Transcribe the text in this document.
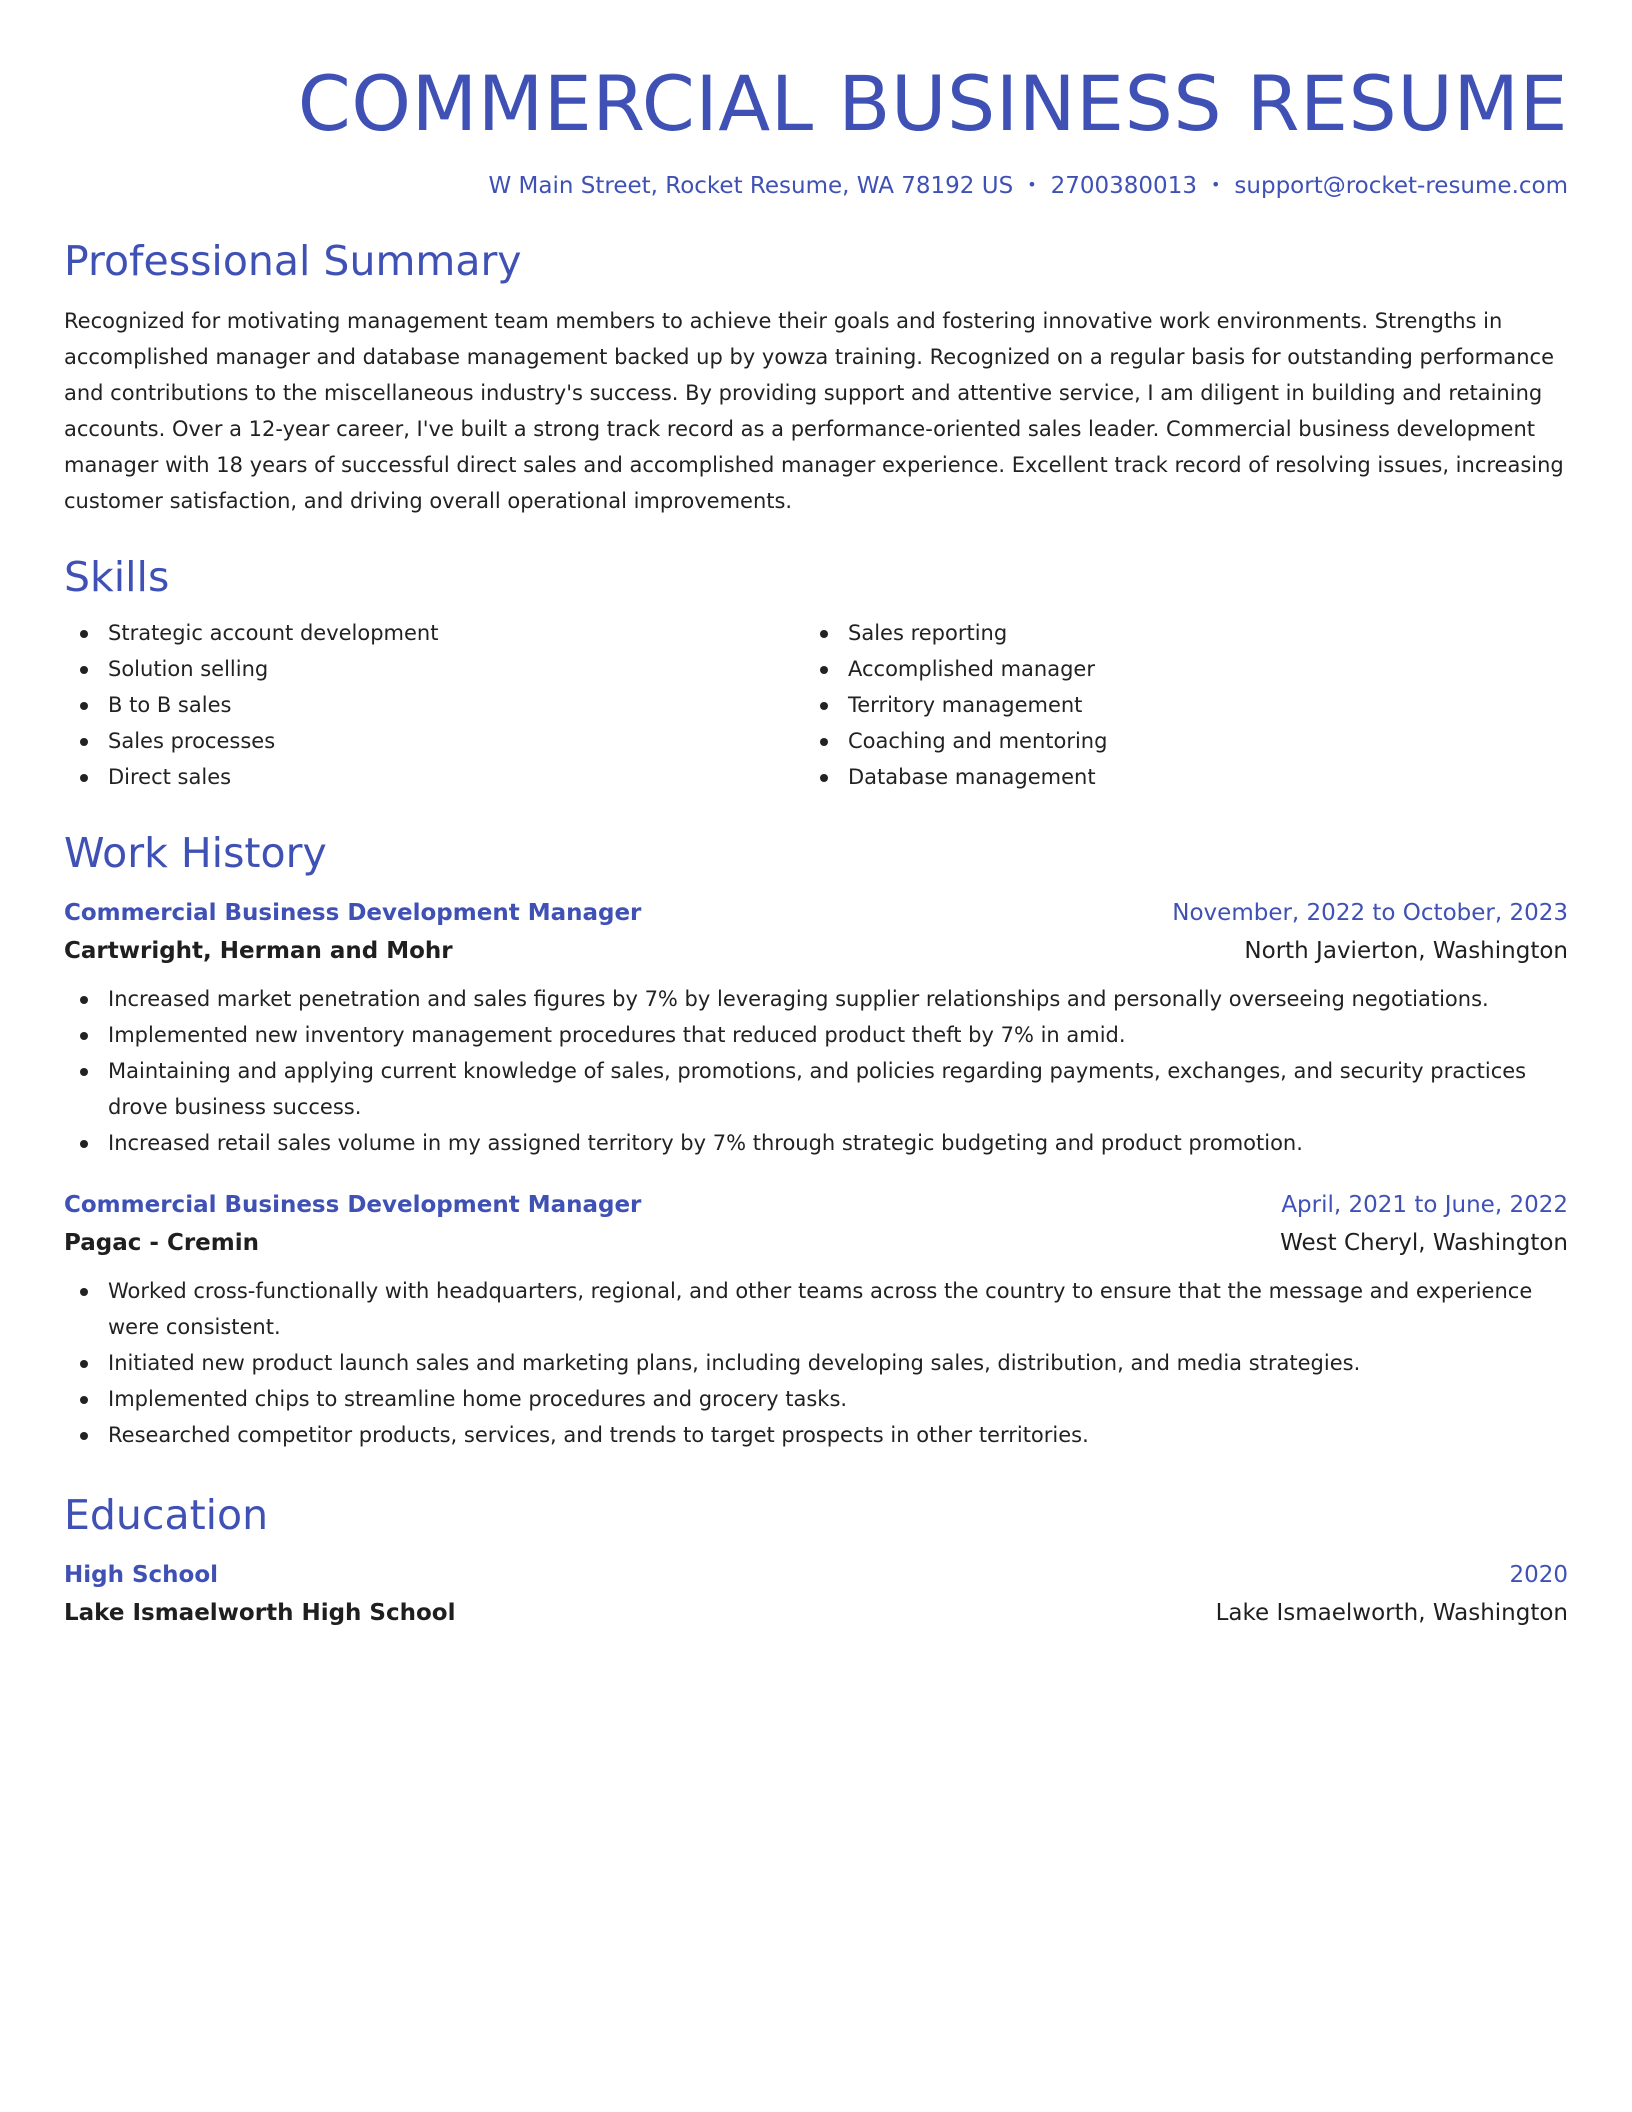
COMMERCIAL BUSINESS RESUME
W Main Street, Rocket Resume, WA 78192 US • 2700380013 • support@rocket-resume.com
Professional Summary
Recognized for motivating management team members to achieve their goals and fostering innovative work environments. Strengths in accomplished manager and database management backed up by yowza training. Recognized on a regular basis for outstanding performance and contributions to the miscellaneous industry's success. By providing support and attentive service, I am diligent in building and retaining accounts. Over a 12-year career, I've built a strong track record as a performance-oriented sales leader. Commercial business development manager with 18 years of successful direct sales and accomplished manager experience. Excellent track record of resolving issues, increasing customer satisfaction, and driving overall operational improvements.
Skills
Strategic account development
Solution selling
B to B sales
Sales processes
Direct sales
Sales reporting
Accomplished manager
Territory management
Coaching and mentoring
Database management
Work History
Commercial Business Development Manager	November, 2022 to October, 2023
Cartwright, Herman and Mohr	North Javierton, Washington
Increased market penetration and sales figures by 7% by leveraging supplier relationships and personally overseeing negotiations.
Implemented new inventory management procedures that reduced product theft by 7% in amid.
Maintaining and applying current knowledge of sales, promotions, and policies regarding payments, exchanges, and security practices drove business success.
Increased retail sales volume in my assigned territory by 7% through strategic budgeting and product promotion.
Commercial Business Development Manager	April, 2021 to June, 2022
Pagac - Cremin	West Cheryl, Washington
Worked cross-functionally with headquarters, regional, and other teams across the country to ensure that the message and experience were consistent.
Initiated new product launch sales and marketing plans, including developing sales, distribution, and media strategies.
Implemented chips to streamline home procedures and grocery tasks.
Researched competitor products, services, and trends to target prospects in other territories.
Education
High School	2020
Lake Ismaelworth High School	Lake Ismaelworth, Washington
